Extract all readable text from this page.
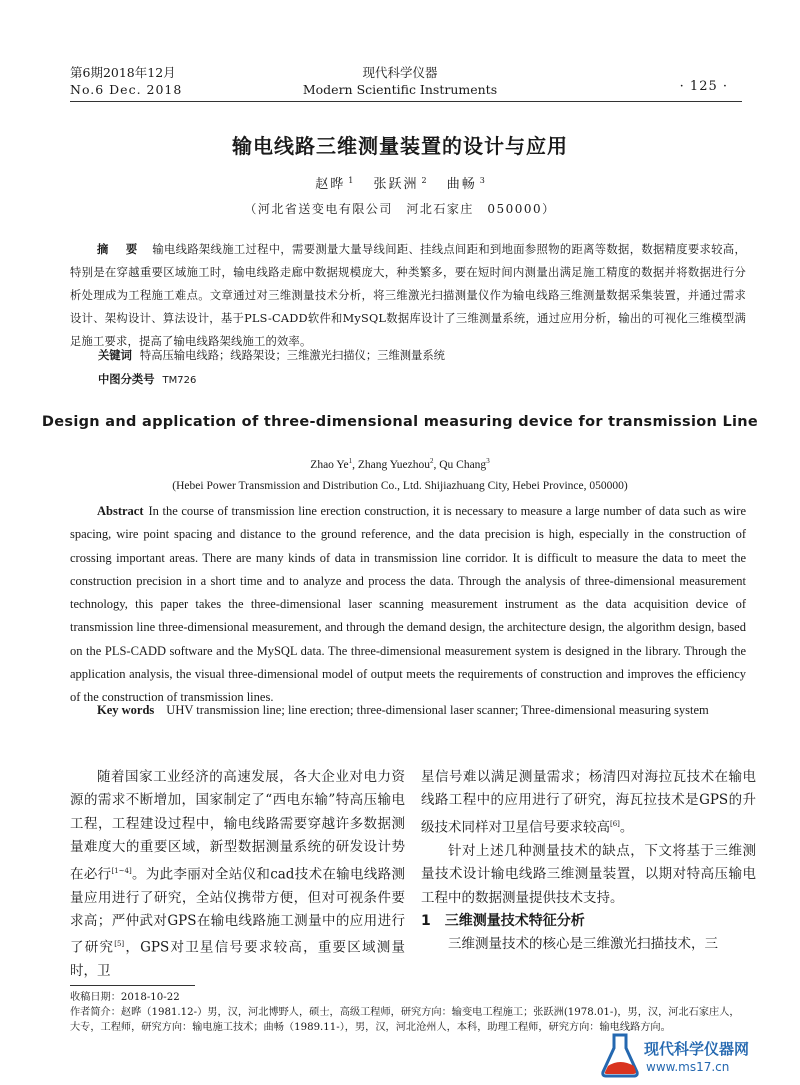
第6期2018年12月
No.6 Dec. 2018
现代科学仪器
Modern Scientific Instruments	· 125 ·
输电线路三维测量装置的设计与应用
赵晔 $^1$ 张跃洲 $^2$ 曲畅 $^3$
（河北省送变电有限公司　河北石家庄　050000）
摘　要 输电线路架线施工过程中，需要测量大量导线间距、挂线点间距和到地面参照物的距离等数据，数据精度要求较高，特别是在穿越重要区域施工时，输电线路走廊中数据规模庞大，种类繁多，要在短时间内测量出满足施工精度的数据并将数据进行分析处理成为工程施工难点。文章通过对三维测量技术分析，将三维激光扫描测量仪作为输电线路三维测量数据采集装置，并通过需求设计、架构设计、算法设计，基于PLS-CADD软件和MySQL数据库设计了三维测量系统，通过应用分析，输出的可视化三维模型满足施工要求，提高了输电线路架线施工的效率。
关键词 特高压输电线路；线路架设；三维激光扫描仪；三维测量系统
中图分类号 TM726
Design and application of three-dimensional measuring device for transmission Line
Zhao Ye$^1$, Zhang Yuezhou$^2$, Qu Chang$^3$
(Hebei Power Transmission and Distribution Co., Ltd. Shijiazhuang City, Hebei Province, 050000)
Abstract In the course of transmission line erection construction, it is necessary to measure a large number of data such as wire spacing, wire point spacing and distance to the ground reference, and the data precision is high, especially in the construction of crossing important areas. There are many kinds of data in transmission line corridor. It is difficult to measure the data to meet the construction precision in a short time and to analyze and process the data. Through the analysis of three-dimensional measurement technology, this paper takes the three-dimensional laser scanning measurement instrument as the data acquisition device of transmission line three-dimensional measurement, and through the demand design, the architecture design, the algorithm design, based on the PLS-CADD software and the MySQL data. The three-dimensional measurement system is designed in the library. Through the application analysis, the visual three-dimensional model of output meets the requirements of construction and improves the efficiency of the construction of transmission lines.
Key words UHV transmission line; line erection; three-dimensional laser scanner; Three-dimensional measuring system

随着国家工业经济的高速发展，各大企业对电力资源的需求不断增加，国家制定了“西电东输”特高压输电工程，工程建设过程中，输电线路需要穿越许多数据测量难度大的重要区域，新型数据测量系统的研发设计势在必行[1~4]。为此李丽对全站仪和cad技术在输电线路测量应用进行了研究，全站仪携带方便，但对可视条件要求高；严仲武对GPS在输电线路施工测量中的应用进行了研究[5]，GPS对卫星信号要求较高，重要区域测量时，卫

星信号难以满足测量需求；杨清四对海拉瓦技术在输电线路工程中的应用进行了研究，海瓦拉技术是GPS的升级技术同样对卫星信号要求较高[6]。

针对上述几种测量技术的缺点，下文将基于三维测量技术设计输电线路三维测量装置，以期对特高压输电工程中的数据测量提供技术支持。

1　三维测量技术特征分析

三维测量技术的核心是三维激光扫描技术，三

收稿日期：2018-10-22

作者简介：赵晔（1981.12-）男，汉，河北博野人，硕士，高级工程师，研究方向：输变电工程施工；张跃洲(1978.01-)，男，汉，河北石家庄人，大专，工程师，研究方向：输电施工技术；曲畅（1989.11-），男，汉，河北沧州人，本科，助理工程师，研究方向：输电线路方向。

现代科学仪器网
www.ms17.cn
